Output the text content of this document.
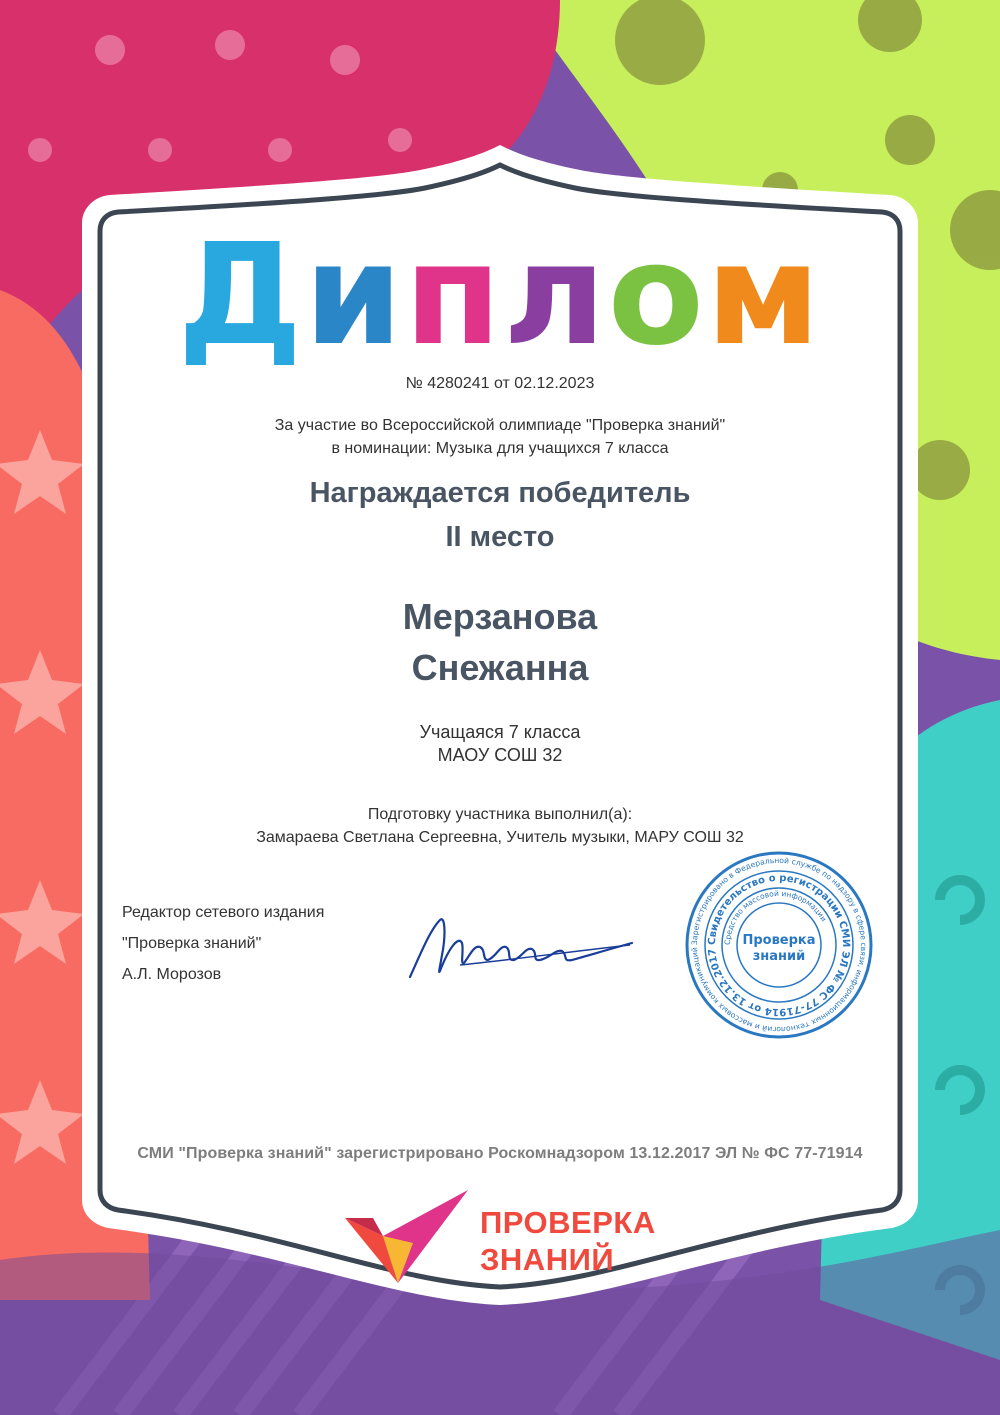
Диплом
№ 4280241 от 02.12.2023
За участие во Всероссийской олимпиаде "Проверка знаний"
в номинации: Музыка для учащихся 7 класса
Награждается победитель
II место
Мерзанова
Снежанна
Учащаяся 7 класса
МАОУ СОШ 32
Подготовку участника выполнил(а):
Замараева Светлана Сергеевна, Учитель музыки, МАРУ СОШ 32
Редактор сетевого издания
"Проверка знаний"
А.Л. Морозов
Зарегистрировано в Федеральной службе по надзору в сфере связи, информационных технологий и массовых коммуникаций
Свидетельство о регистрации СМИ ЭЛ № ФС 77-71914 от 13.12.2017
Средство массовой информации
Проверка
знаний
СМИ "Проверка знаний" зарегистрировано Роскомнадзором 13.12.2017 ЭЛ № ФС 77-71914
ПРОВЕРКА
ЗНАНИЙ
